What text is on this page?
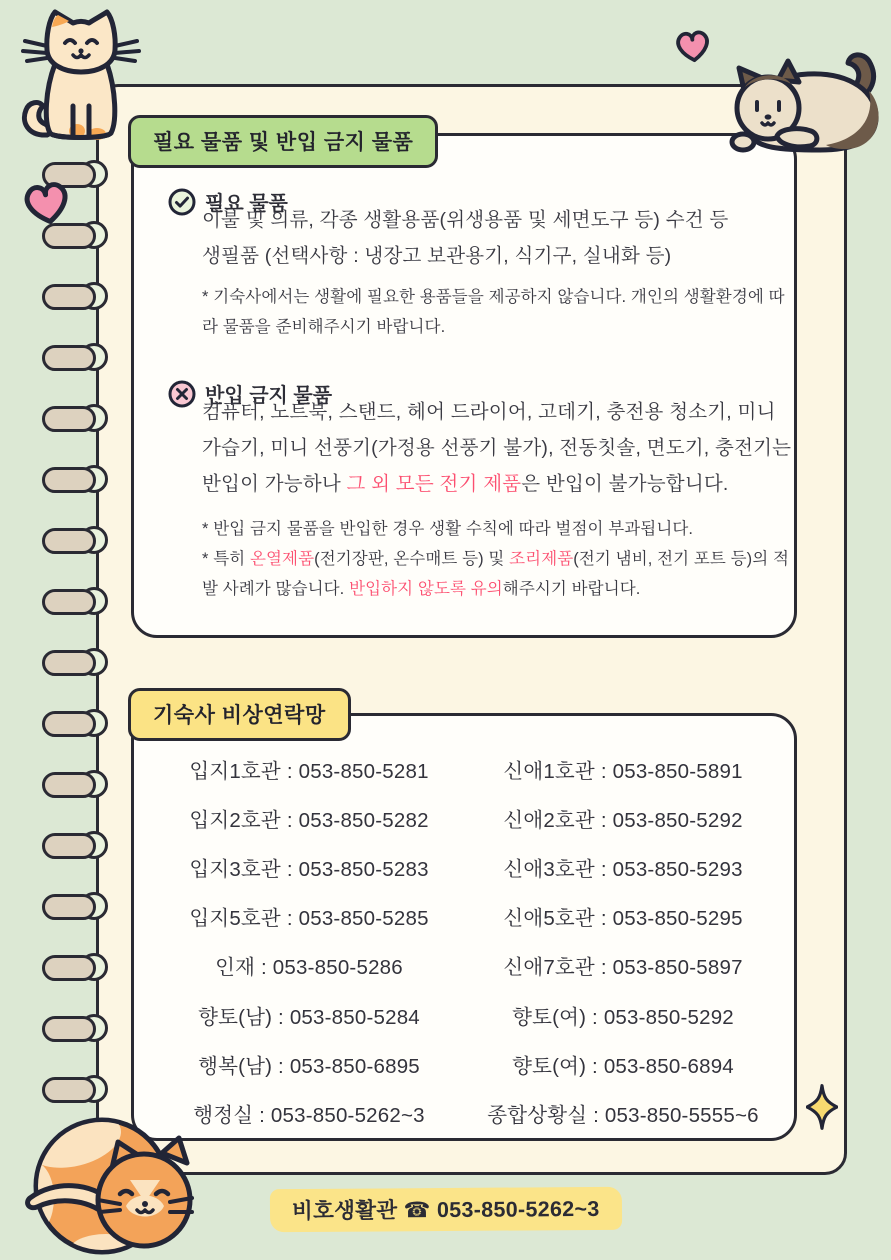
필요 물품
이불 및 의류, 각종 생활용품(위생용품 및 세면도구 등) 수건 등
생필품 (선택사항 : 냉장고 보관용기, 식기구, 실내화 등)
* 기숙사에서는 생활에 필요한 용품들을 제공하지 않습니다. 개인의 생활환경에 따라 물품을 준비해주시기 바랍니다.
반입 금지 물품
컴퓨터, 노트북, 스탠드, 헤어 드라이어, 고데기, 충전용 청소기, 미니 가습기, 미니 선풍기(가정용 선풍기 불가), 전동칫솔, 면도기, 충전기는 반입이 가능하나 그 외 모든 전기 제품은 반입이 불가능합니다.
* 반입 금지 물품을 반입한 경우 생활 수칙에 따라 벌점이 부과됩니다.
* 특히 온열제품(전기장판, 온수매트 등) 및 조리제품(전기 냄비, 전기 포트 등)의 적발 사례가 많습니다. 반입하지 않도록 유의해주시기 바랍니다.
필요 물품 및 반입 금지 물품
입지1호관 : 053-850-5281	신애1호관 : 053-850-5891
입지2호관 : 053-850-5282	신애2호관 : 053-850-5292
입지3호관 : 053-850-5283	신애3호관 : 053-850-5293
입지5호관 : 053-850-5285	신애5호관 : 053-850-5295
인재 : 053-850-5286	신애7호관 : 053-850-5897
향토(남) : 053-850-5284	향토(여) : 053-850-5292
행복(남) : 053-850-6895	향토(여) : 053-850-6894
행정실 : 053-850-5262~3	종합상황실 : 053-850-5555~6
기숙사 비상연락망
비호생활관 ☎ 053-850-5262~3
